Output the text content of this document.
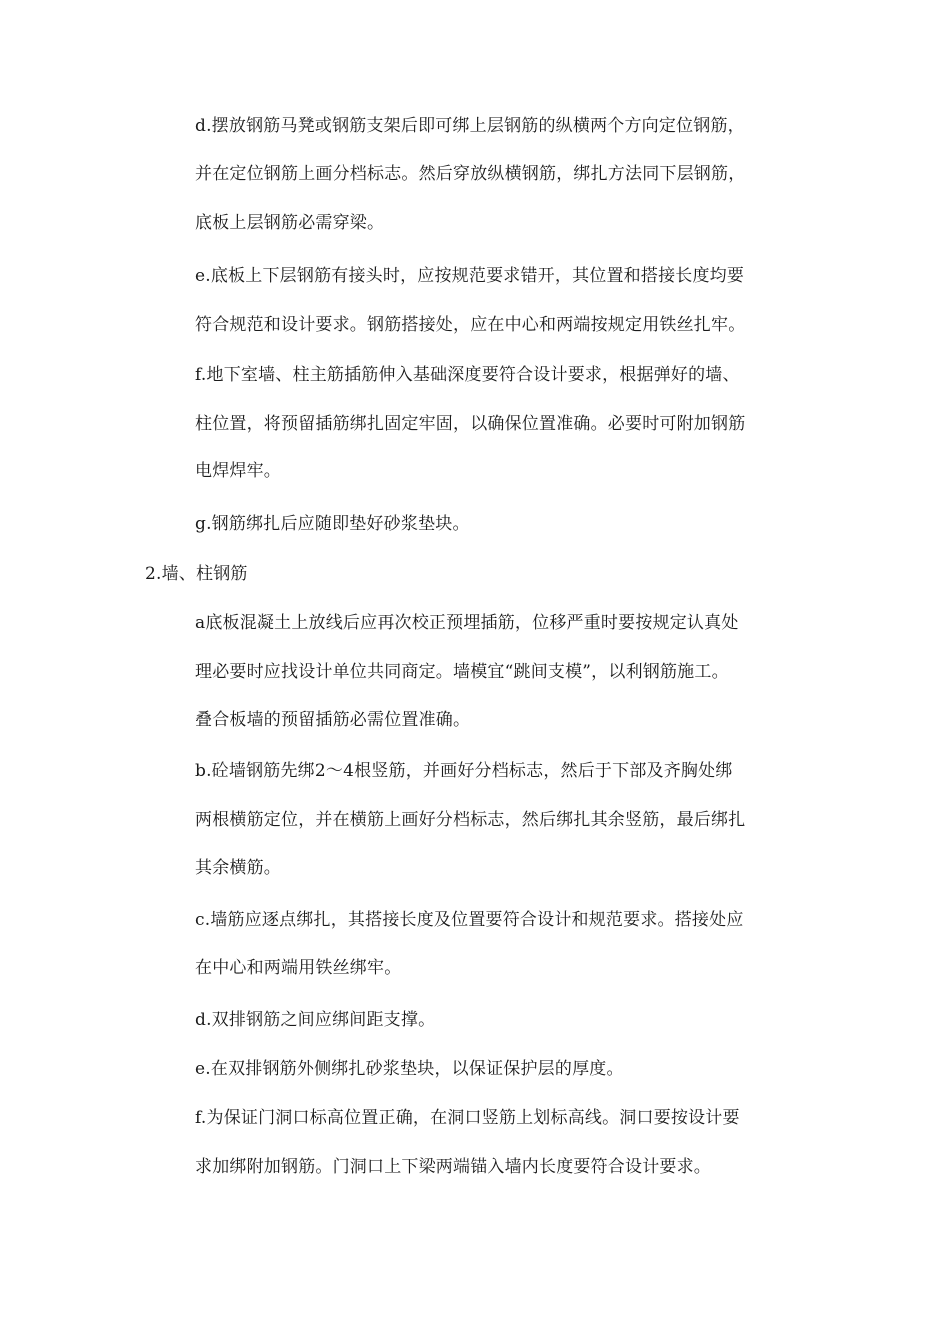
d.摆放钢筋马凳或钢筋支架后即可绑上层钢筋的纵横两个方向定位钢筋，
并在定位钢筋上画分档标志。然后穿放纵横钢筋，绑扎方法同下层钢筋，
底板上层钢筋必需穿梁。
e.底板上下层钢筋有接头时，应按规范要求错开，其位置和搭接长度均要
符合规范和设计要求。钢筋搭接处，应在中心和两端按规定用铁丝扎牢。
f.地下室墙、柱主筋插筋伸入基础深度要符合设计要求，根据弹好的墙、
柱位置，将预留插筋绑扎固定牢固，以确保位置准确。必要时可附加钢筋
电焊焊牢。
g.钢筋绑扎后应随即垫好砂浆垫块。
2.墙、柱钢筋
a底板混凝土上放线后应再次校正预埋插筋，位移严重时要按规定认真处
理必要时应找设计单位共同商定。墙模宜“跳间支模”，以利钢筋施工。
叠合板墙的预留插筋必需位置准确。
b.砼墙钢筋先绑2～4根竖筋，并画好分档标志，然后于下部及齐胸处绑
两根横筋定位，并在横筋上画好分档标志，然后绑扎其余竖筋，最后绑扎
其余横筋。
c.墙筋应逐点绑扎，其搭接长度及位置要符合设计和规范要求。搭接处应
在中心和两端用铁丝绑牢。
d.双排钢筋之间应绑间距支撑。
e.在双排钢筋外侧绑扎砂浆垫块，以保证保护层的厚度。
f.为保证门洞口标高位置正确，在洞口竖筋上划标高线。洞口要按设计要
求加绑附加钢筋。门洞口上下梁两端锚入墙内长度要符合设计要求。
